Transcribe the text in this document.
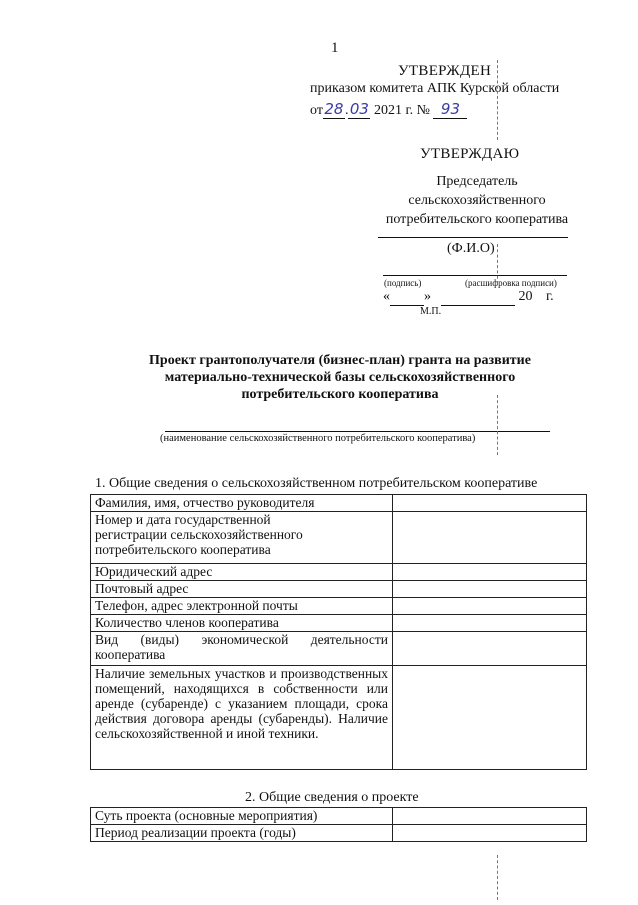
1
УТВЕРЖДЕН
приказом комитета АПК Курской области
от28.03 2021 г. № 93
УТВЕРЖДАЮ
Председатель
сельскохозяйственного
потребительского кооператива
(Ф.И.О)
(подпись)	(расшифровка подписи)
« »	20 г.
М.П.
Проект грантополучателя (бизнес-план) гранта на развитие
материально-технической базы сельскохозяйственного
потребительского кооператива
(наименование сельскохозяйственного потребительского кооператива)
1. Общие сведения о сельскохозяйственном потребительском кооперативе
Фамилия, имя, отчество руководителя	
Номер и дата государственной регистрации сельскохозяйственного потребительского кооператива	
Юридический адрес	
Почтовый адрес	
Телефон, адрес электронной почты	
Количество членов кооператива	
Вид (виды) экономической деятельности кооператива	
Наличие земельных участков и производственных помещений, находящихся в собственности или аренде (субаренде) с указанием площади, срока действия договора аренды (субаренды). Наличие сельскохозяйственной и иной техники.	
2. Общие сведения о проекте
Суть проекта (основные мероприятия)	
Период реализации проекта (годы)	
